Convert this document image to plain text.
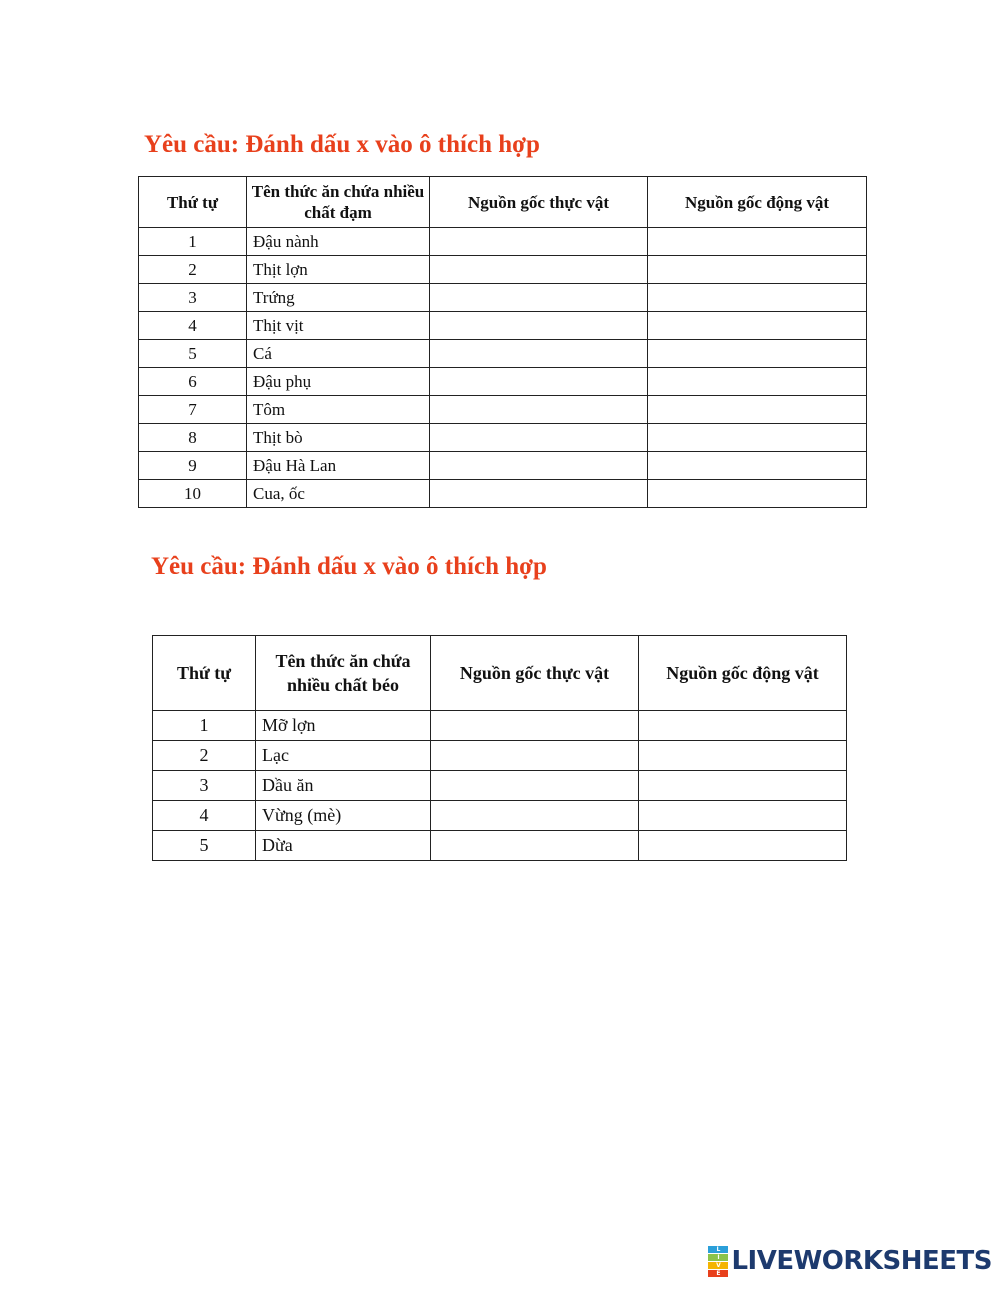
Yêu cầu: Đánh dấu x vào ô thích hợp
Thứ tự	Tên thức ăn chứa nhiều chất đạm	Nguồn gốc thực vật	Nguồn gốc động vật
1	Đậu nành		
2	Thịt lợn		
3	Trứng		
4	Thịt vịt		
5	Cá		
6	Đậu phụ		
7	Tôm		
8	Thịt bò		
9	Đậu Hà Lan		
10	Cua, ốc		
Yêu cầu: Đánh dấu x vào ô thích hợp
Thứ tự	Tên thức ăn chứa nhiều chất béo	Nguồn gốc thực vật	Nguồn gốc động vật
1	Mỡ lợn		
2	Lạc		
3	Dầu ăn		
4	Vừng (mè)		
5	Dừa		
L
I
V
E LIVEWORKSHEETS
